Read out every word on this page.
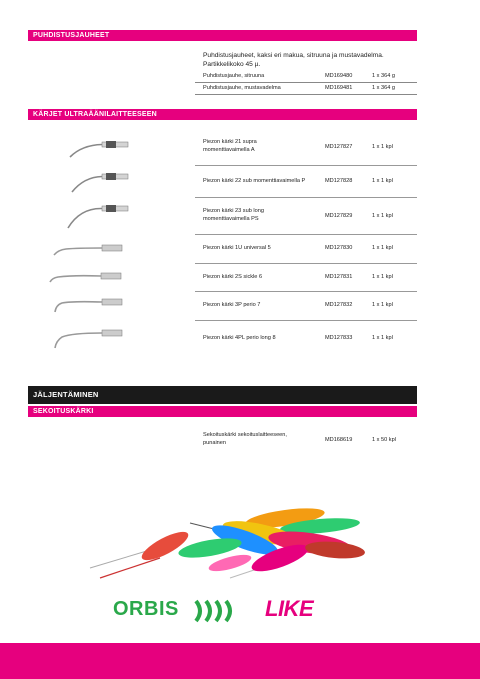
PUHDISTUSJAUHEET
Puhdistusjauheet, kaksi eri makua, sitruuna ja mustavadelma.
Partikkelikoko 45 µ.
Puhdistusjauhe, sitruuna	MD169480	1 x 364 g
Puhdistusjauhe, mustavadelma	MD169481	1 x 364 g
KÄRJET ULTRAÄÄNILAITTEESEEN
Piezon kärki 21 supra
momenttiavaimella A	MD127827	1 x 1 kpl
Piezon kärki 22 sub momenttiavaimella P	MD127828	1 x 1 kpl
Piezon kärki 23 sub long
momenttiavaimella PS	MD127829	1 x 1 kpl
Piezon kärki 1U universal 5	MD127830	1 x 1 kpl
Piezon kärki 2S sickle 6	MD127831	1 x 1 kpl
Piezon kärki 3P perio 7	MD127832	1 x 1 kpl
Piezon kärki 4PL perio long 8	MD127833	1 x 1 kpl
JÄLJENTÄMINEN
SEKOITUSKÄRKI
Sekoituskärki sekoituslaitteeseen,
punainen	MD168619	1 x 50 kpl
ORBIS	LIKE
